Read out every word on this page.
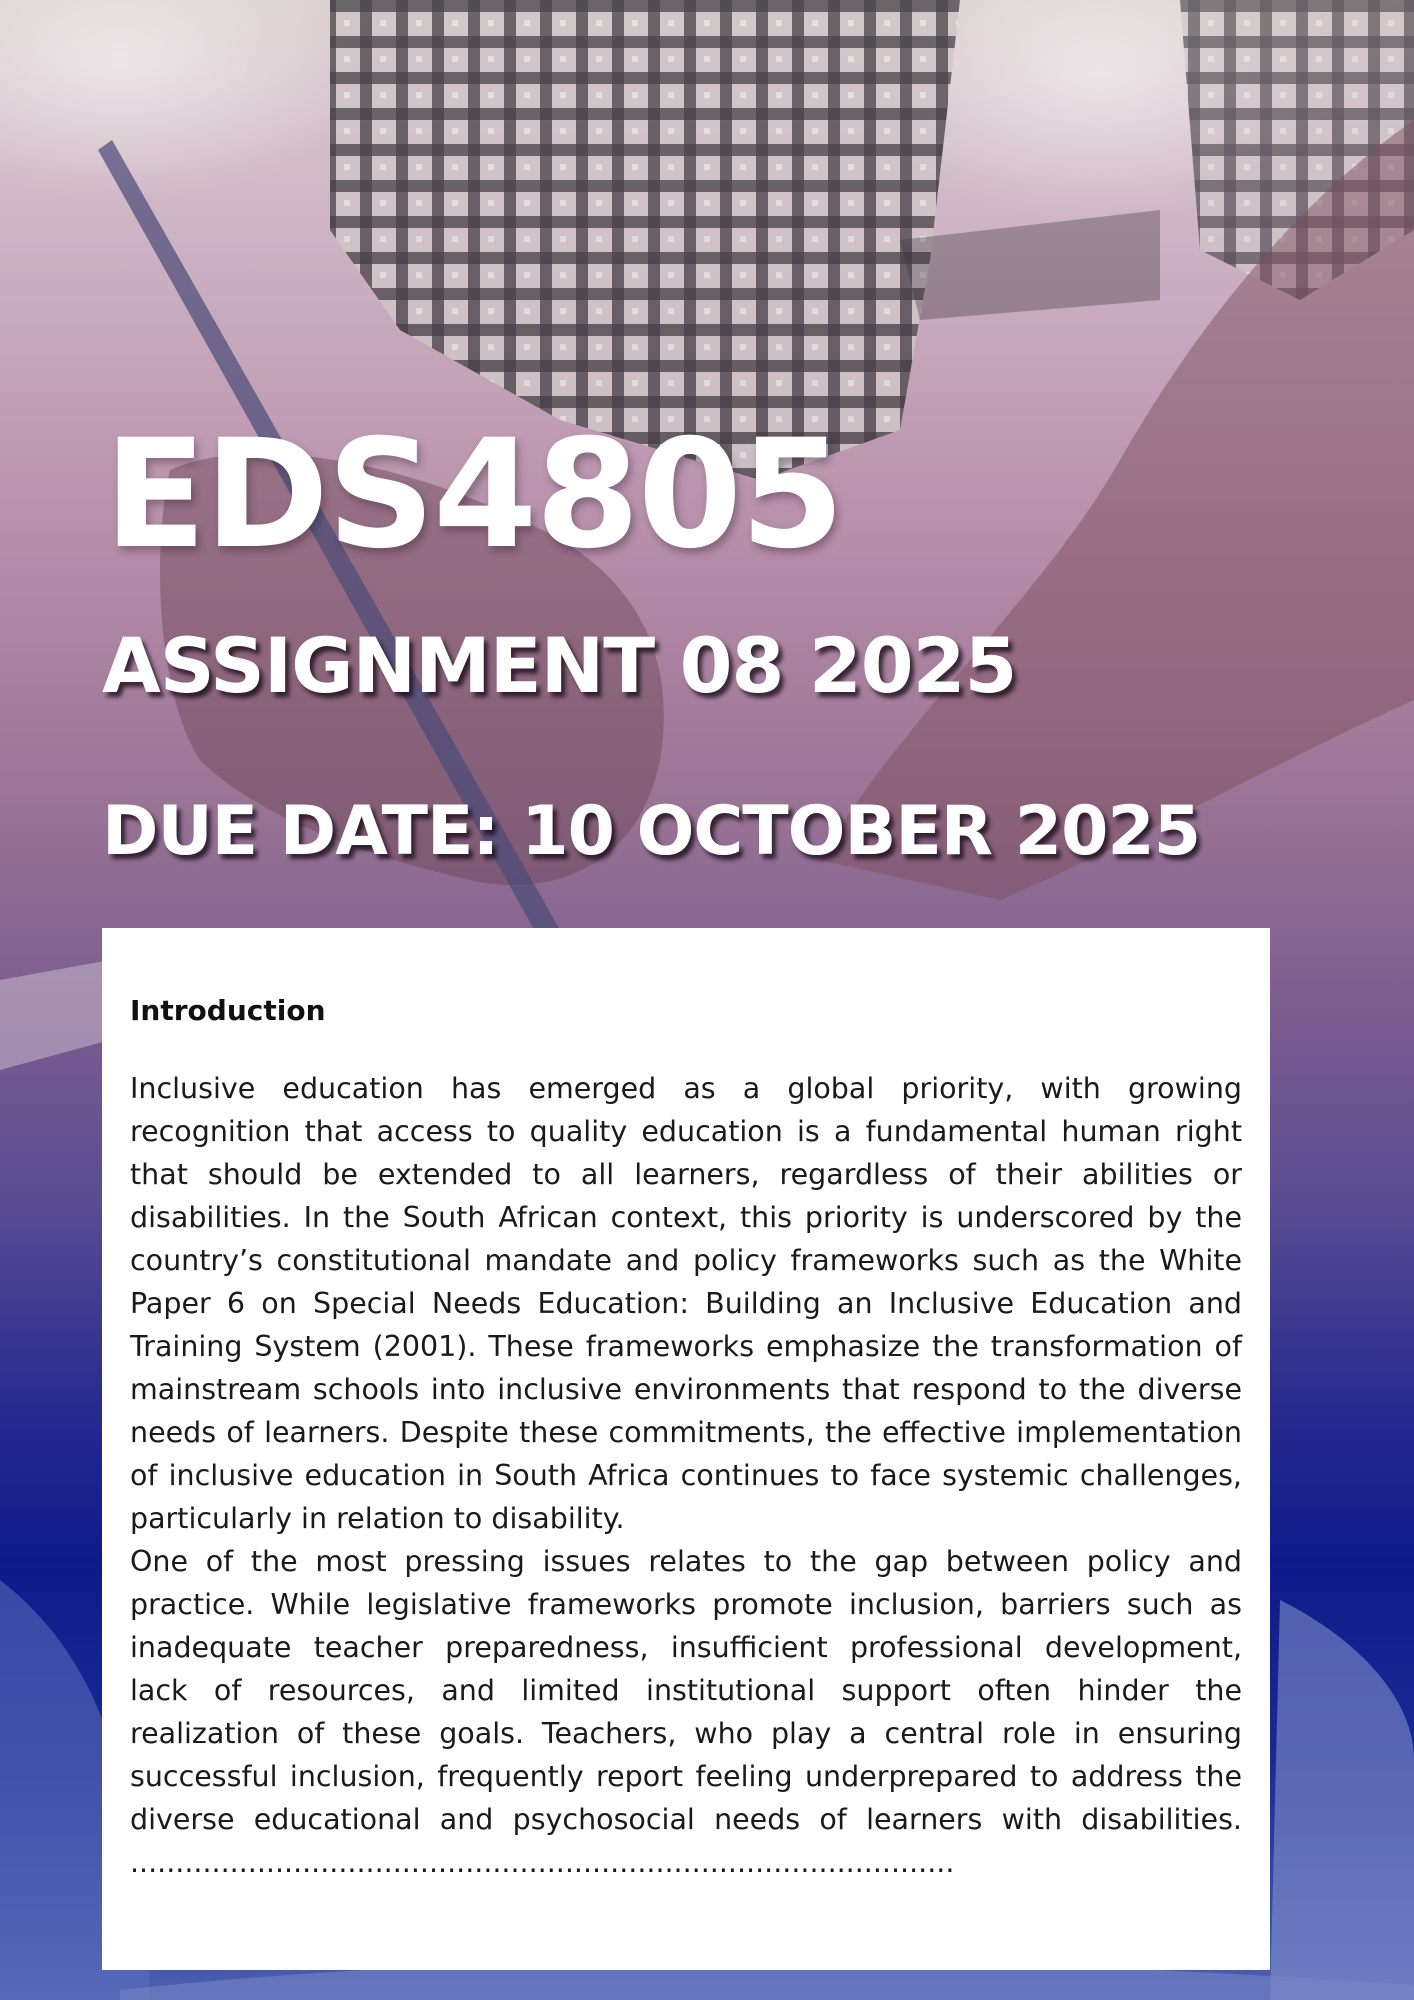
EDS4805
ASSIGNMENT 08 2025
DUE DATE: 10 OCTOBER 2025
Introduction

Inclusive education has emerged as a global priority, with growing recognition that access to quality education is a fundamental human right that should be extended to all learners, regardless of their abilities or disabilities. In the South African context, this priority is underscored by the country’s constitutional mandate and policy frameworks such as the White Paper 6 on Special Needs Education: Building an Inclusive Education and Training System (2001). These frameworks emphasize the transformation of mainstream schools into inclusive environments that respond to the diverse needs of learners. Despite these commitments, the effective implementation of inclusive education in South Africa continues to face systemic challenges, particularly in relation to disability.

One of the most pressing issues relates to the gap between policy and practice. While legislative frameworks promote inclusion, barriers such as inadequate teacher preparedness, insufficient professional development, lack of resources, and limited institutional support often hinder the realization of these goals. Teachers, who play a central role in ensuring successful inclusion, frequently report feeling underprepared to address the diverse educational and psychosocial needs of learners with disabilities. ...........................................................................................
